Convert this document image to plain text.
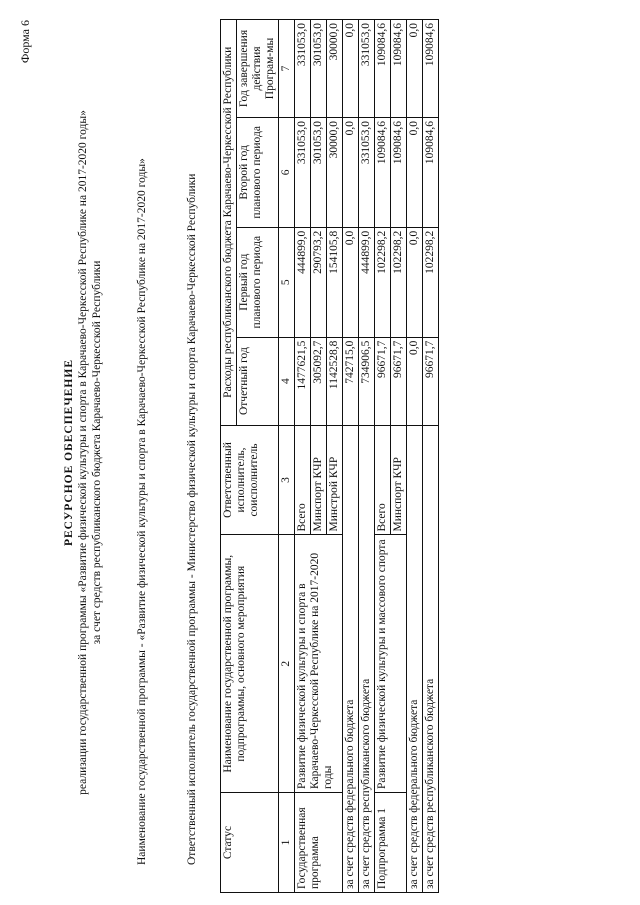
Форма 6
РЕСУРСНОЕ ОБЕСПЕЧЕНИЕ реализации государственной программы «Развитие физической культуры и спорта в Карачаево-Черкесской Республике на 2017-2020 годы» за счет средств республиканского бюджета Карачаево-Черкесской Республики	Наименование государственной программы - «Развитие физической культуры и спорта в Карачаево-Черкесской Республике на 2017-2020 годы»	Ответственный исполнитель государственной программы - Министерство физической культуры и спорта Карачаево-Черкесской Республики Статус	Наименование государственной программы, подпрограммы, основного мероприятия	Ответственный исполнитель, соисполнитель	Расходы республиканского бюджета Карачаево-Черкесской Республики			
			Отчетный год	Первый год планового периода	Второй год планового периода	Год завершения действия Програм-мы
1	2	3	4	5	6	7
Государственная программа	Развитие физической культуры и спорта в Карачаево-Черкесской Республике на 2017-2020 годы	Всего	1477621,5	444899,0	331053,0	331053,0
		Минспорт КЧР	305092,7	290793,2	301053,0	301053,0
		Минстрой КЧР	1142528,8	154105,8	30000,0	30000,0
за счет средств федерального бюджета			742715,0	0,0	0,0	0,0
за счет средств республиканского бюджета			734906,5	444899,0	331053,0	331053,0
Подпрограмма 1	Развитие физической культуры и массового спорта	Всего	96671,7	102298,2	109084,6	109084,6
		Минспорт КЧР	96671,7	102298,2	109084,6	109084,6
за счет средств федерального бюджета			0,0	0,0	0,0	0,0
за счет средств республиканского бюджета			96671,7	102298,2	109084,6	109084,6
